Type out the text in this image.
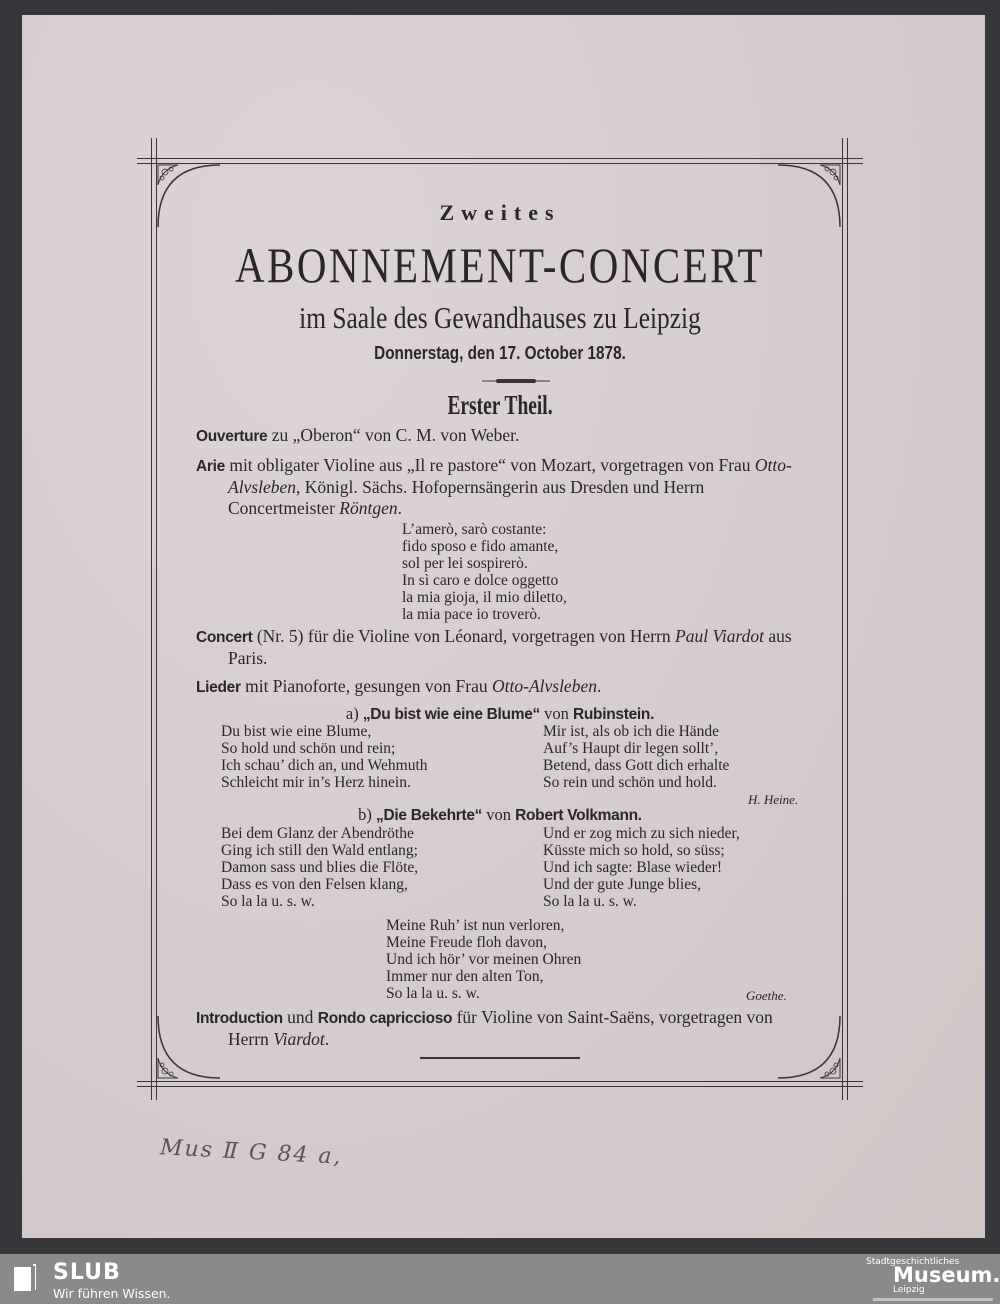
Zweites
ABONNEMENT-CONCERT
im Saale des Gewandhauses zu Leipzig
Donnerstag, den 17. October 1878.
Erster Theil.
Ouverture zu „Oberon“ von C. M. von Weber.
Arie mit obligater Violine aus „Il re pastore“ von Mozart, vorgetragen von Frau Otto-Alvsleben, Königl. Sächs. Hofopernsängerin aus Dresden und Herrn Concertmeister Röntgen.
L’amerò, sarò costante:
fido sposo e fido amante,
sol per lei sospirerò.
In sì caro e dolce oggetto
la mia gioja, il mio diletto,
la mia pace io troverò.
Concert (Nr. 5) für die Violine von Léonard, vorgetragen von Herrn Paul Viardot aus Paris.
Lieder mit Pianoforte, gesungen von Frau Otto-Alvsleben.
a) „Du bist wie eine Blume“ von Rubinstein.
Du bist wie eine Blume,
So hold und schön und rein;
Ich schau’ dich an, und Wehmuth
Schleicht mir in’s Herz hinein.
Mir ist, als ob ich die Hände
Auf’s Haupt dir legen sollt’,
Betend, dass Gott dich erhalte
So rein und schön und hold.
H. Heine.
b) „Die Bekehrte“ von Robert Volkmann.
Bei dem Glanz der Abendröthe
Ging ich still den Wald entlang;
Damon sass und blies die Flöte,
Dass es von den Felsen klang,
So la la u. s. w.
Und er zog mich zu sich nieder,
Küsste mich so hold, so süss;
Und ich sagte: Blase wieder!
Und der gute Junge blies,
So la la u. s. w.
Meine Ruh’ ist nun verloren,
Meine Freude floh davon,
Und ich hör’ vor meinen Ohren
Immer nur den alten Ton,
So la la u. s. w.	Goethe.
Introduction und Rondo capriccioso für Violine von Saint-Saëns, vorgetragen von Herrn Viardot.
Mus Ⅱ G 84 a,
SLUB
Wir führen Wissen.
Stadtgeschichtliches
Museum.
Leipzig
